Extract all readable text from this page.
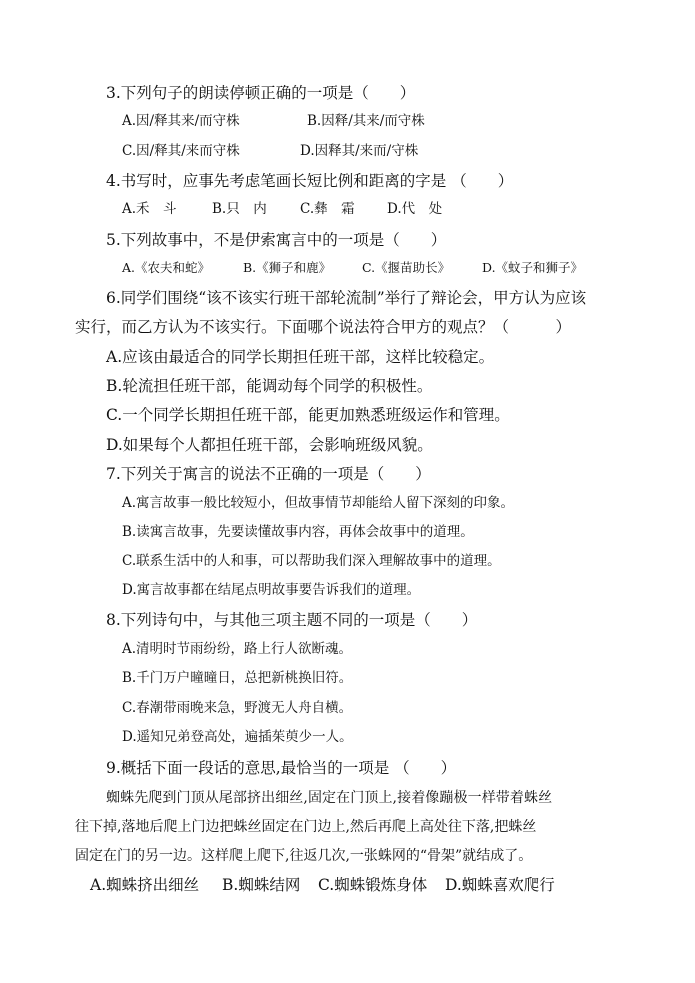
3.下列句子的朗读停顿正确的一项是（　　）
A.因/释其来/而守株	B.因释/其来/而守株
C.因/释其/来而守株	D.因释其/来而/守株
4.书写时，应事先考虑笔画长短比例和距离的字是 （　　）
A.禾　斗	B.只　内 C.彝　霜 D.代　处
5.下列故事中，不是伊索寓言中的一项是（　　）
A.《农夫和蛇》	B.《狮子和鹿》 C.《揠苗助长》	D.《蚊子和狮子》
6.同学们围绕“该不该实行班干部轮流制”举行了辩论会，甲方认为应该
实行，而乙方认为不该实行。下面哪个说法符合甲方的观点？（　　　）
A.应该由最适合的同学长期担任班干部，这样比较稳定。
B.轮流担任班干部，能调动每个同学的积极性。
C.一个同学长期担任班干部，能更加熟悉班级运作和管理。
D.如果每个人都担任班干部，会影响班级风貌。
7.下列关于寓言的说法不正确的一项是（　　）
A.寓言故事一般比较短小，但故事情节却能给人留下深刻的印象。
B.读寓言故事，先要读懂故事内容，再体会故事中的道理。
C.联系生活中的人和事，可以帮助我们深入理解故事中的道理。
D.寓言故事都在结尾点明故事要告诉我们的道理。
8.下列诗句中，与其他三项主题不同的一项是（　　）
A.清明时节雨纷纷，路上行人欲断魂。
B.千门万户曈曈日，总把新桃换旧符。
C.春潮带雨晚来急，野渡无人舟自横。
D.遥知兄弟登高处，遍插茱萸少一人。
9.概括下面一段话的意思,最恰当的一项是 （　　）
蜘蛛先爬到门顶从尾部挤出细丝,固定在门顶上,接着像蹦极一样带着蛛丝
往下掉,落地后爬上门边把蛛丝固定在门边上,然后再爬上高处往下落,把蛛丝
固定在门的另一边。这样爬上爬下,往返几次,一张蛛网的“骨架”就结成了。
A.蜘蛛挤出细丝 B.蜘蛛结网 C.蜘蛛锻炼身体 D.蜘蛛喜欢爬行
